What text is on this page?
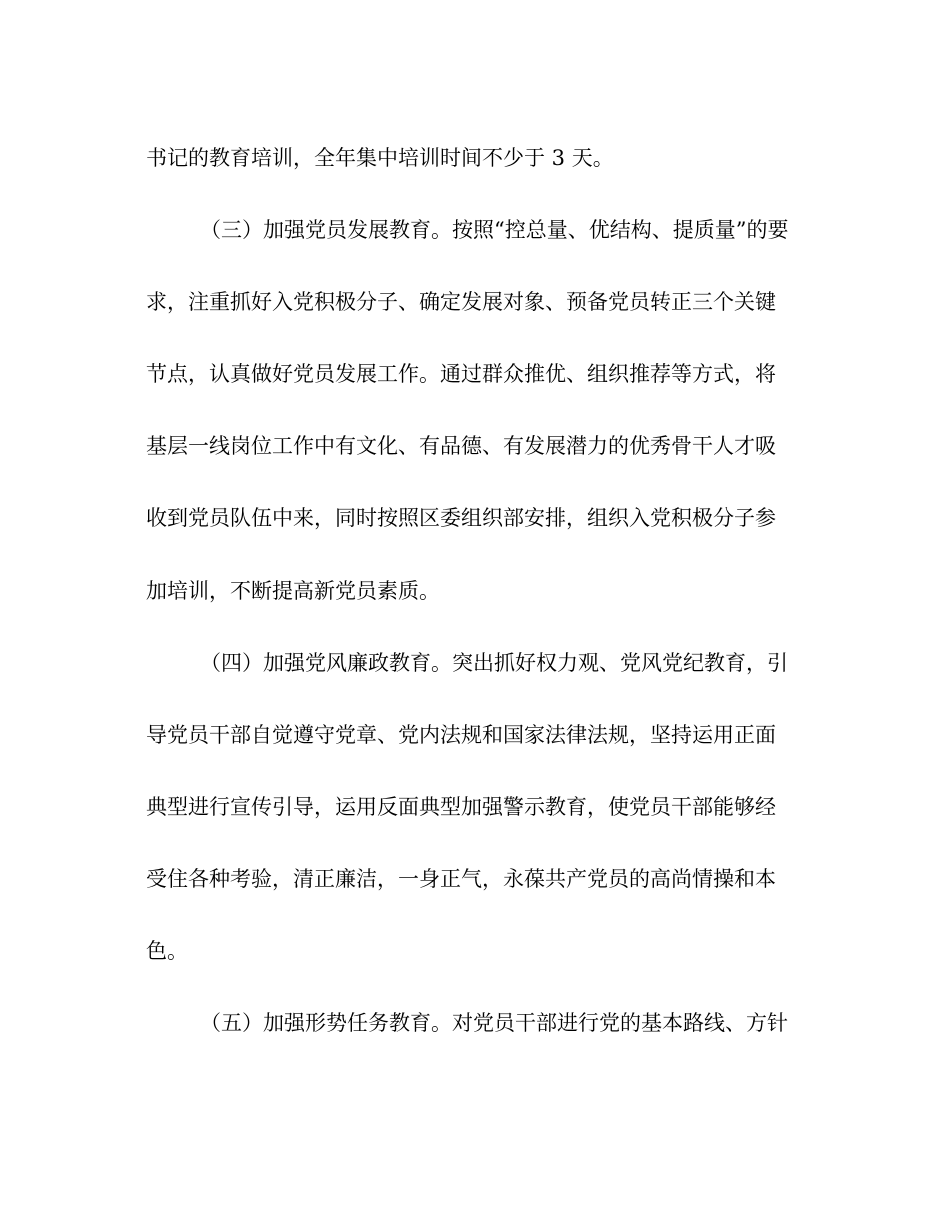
书记的教育培训，全年集中培训时间不少于 3 天。
（三）加强党员发展教育。按照“控总量、优结构、提质量”的要
求，注重抓好入党积极分子、确定发展对象、预备党员转正三个关键
节点，认真做好党员发展工作。通过群众推优、组织推荐等方式，将
基层一线岗位工作中有文化、有品德、有发展潜力的优秀骨干人才吸
收到党员队伍中来，同时按照区委组织部安排，组织入党积极分子参
加培训，不断提高新党员素质。
（四）加强党风廉政教育。突出抓好权力观、党风党纪教育，引
导党员干部自觉遵守党章、党内法规和国家法律法规，坚持运用正面
典型进行宣传引导，运用反面典型加强警示教育，使党员干部能够经
受住各种考验，清正廉洁，一身正气，永葆共产党员的高尚情操和本
色。
（五）加强形势任务教育。对党员干部进行党的基本路线、方针
